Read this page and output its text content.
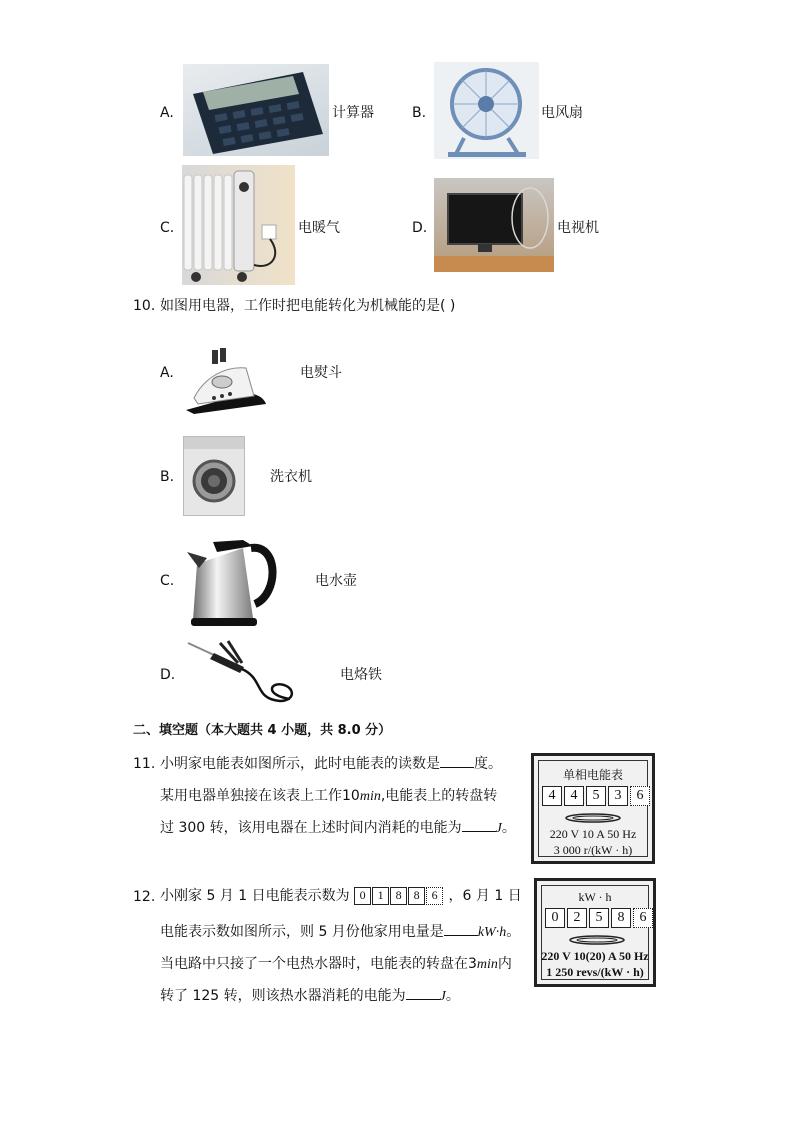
A.	计算器	B.	电风扇
C.	电暖气	D.	电视机
10. 如图用电器，工作时把电能转化为机械能的是( )
A.	电熨斗
B.	洗衣机
C.	电水壶
D.	电烙铁
二、填空题（本大题共 4 小题，共 8.0 分）
11. 小明家电能表如图所示，此时电能表的读数是 度。
某用电器单独接在该表上工作10min,电能表上的转盘转
过 300 转，该用电器在上述时间内消耗的电能为 J。
单相电能表
4	4	5	3	6
220 V 10 A 50 Hz
3 000 r/(kW · h)
12. 小刚家 5 月 1 日电能表示数为 0	1	8	8	6 ，6 月 1 日
电能表示数如图所示，则 5 月份他家用电量是 kW·h。
当电路中只接了一个电热水器时，电能表的转盘在3min内
转了 125 转，则该热水器消耗的电能为 J。
kW · h
0	2	5	8	6
220 V 10(20) A 50 Hz
1 250 revs/(kW · h)
